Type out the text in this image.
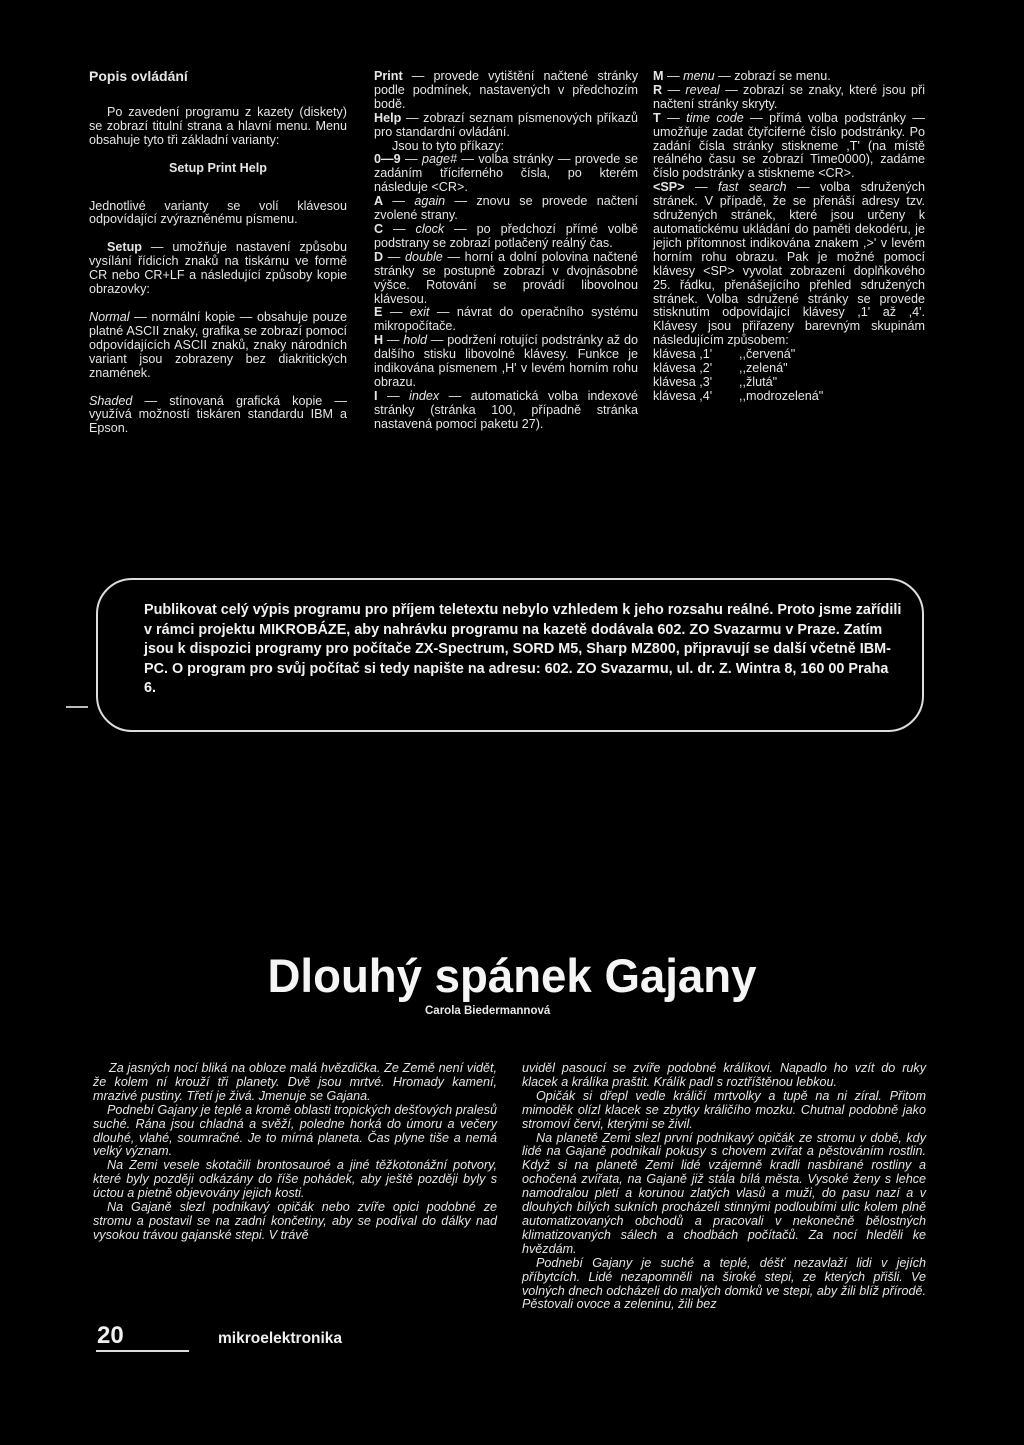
Popis ovládání

Po zavedení programu z kazety (diskety) se zobrazí titulní strana a hlavní menu. Menu obsahuje tyto tři základní varianty:

Setup Print Help

Jednotlivé varianty se volí klávesou odpovídající zvýrazněnému písmenu.

Setup — umožňuje nastavení způsobu vysílání řídicích znaků na tiskárnu ve formě CR nebo CR+LF a následující způsoby kopie obrazovky:

Normal — normální kopie — obsahuje pouze platné ASCII znaky, grafika se zobrazí pomocí odpovídajících ASCII znaků, znaky národních variant jsou zobrazeny bez diakritických znamének.

Shaded — stínovaná grafická kopie — využívá možností tiskáren standardu IBM a Epson.

Print — provede vytištění načtené stránky podle podmínek, nastavených v předchozím bodě.

Help — zobrazí seznam písmenových příkazů pro standardní ovládání.

Jsou to tyto příkazy:

0—9 — page# — volba stránky — provede se zadáním tříciferného čísla, po kterém následuje <CR>.

A — again — znovu se provede načtení zvolené strany.

C — clock — po předchozí přímé volbě podstrany se zobrazí potlačený reálný čas.

D — double — horní a dolní polovina načtené stránky se postupně zobrazí v dvojnásobné výšce. Rotování se provádí libovolnou klávesou.

E — exit — návrat do operačního systému mikropočítače.

H — hold — podržení rotující podstránky až do dalšího stisku libovolné klávesy. Funkce je indikována písmenem ,H' v levém horním rohu obrazu.

I — index — automatická volba indexové stránky (stránka 100, případně stránka nastavená pomocí paketu 27).

M — menu — zobrazí se menu.

R — reveal — zobrazí se znaky, které jsou při načtení stránky skryty.

T — time code — přímá volba podstránky — umožňuje zadat čtyřciferné číslo podstránky. Po zadání čísla stránky stiskneme ,T' (na místě reálného času se zobrazí Time0000), zadáme číslo podstránky a stiskneme <CR>.

<SP> — fast search — volba sdružených stránek. V případě, že se přenáší adresy tzv. sdružených stránek, které jsou určeny k automatickému ukládání do paměti dekodéru, je jejich přítomnost indikována znakem ,>' v levém horním rohu obrazu. Pak je možné pomocí klávesy <SP> vyvolat zobrazení doplňkového 25. řádku, přenášejícího přehled sdružených stránek. Volba sdružené stránky se provede stisknutím odpovídající klávesy ,1' až ,4'. Klávesy jsou přiřazeny barevným skupinám následujícím způsobem:

klávesa ,1' ,,červená"
klávesa ,2' ,,zelená"
klávesa ,3' ,,žlutá"
klávesa ,4' ,,modrozelená"
Publikovat celý výpis programu pro příjem teletextu nebylo vzhledem k jeho rozsahu reálné. Proto jsme zařídili v rámci projektu MIKROBÁZE, aby nahrávku programu na kazetě dodávala 602. ZO Svazarmu v Praze. Zatím jsou k dispozici programy pro počítače ZX-Spectrum, SORD M5, Sharp MZ800, připravují se další včetně IBM-PC. O program pro svůj počítač si tedy napište na adresu: 602. ZO Svazarmu, ul. dr. Z. Wintra 8, 160 00 Praha 6.
Dlouhý spánek Gajany
Carola Biedermannová

Za jasných nocí bliká na obloze malá hvězdička. Ze Země není vidět, že kolem ní krouží tři planety. Dvě jsou mrtvé. Hromady kamení, mrazivé pustiny. Třetí je živá. Jmenuje se Gajana.

Podnebí Gajany je teplé a kromě oblasti tropických dešťových pralesů suché. Rána jsou chladná a svěží, poledne horká do úmoru a večery dlouhé, vlahé, soumračné. Je to mírná planeta. Čas plyne tiše a nemá velký význam.

Na Zemi vesele skotačili brontosauroé a jiné těžkotonážní potvory, které byly později odkázány do říše pohádek, aby ještě později byly s úctou a pietně objevovány jejich kosti.

Na Gajaně slezl podnikavý opičák nebo zvíře opici podobné ze stromu a postavil se na zadní končetiny, aby se podíval do dálky nad vysokou trávou gajanské stepi. V trávě

uviděl pasoucí se zvíře podobné králíkovi. Napadlo ho vzít do ruky klacek a králíka praštit. Králík padl s roztříštěnou lebkou.

Opičák si dřepl vedle králičí mrtvolky a tupě na ni zíral. Přitom mimoděk olízl klacek se zbytky králičího mozku. Chutnal podobně jako stromoví červi, kterými se živil.

Na planetě Zemi slezl první podnikavý opičák ze stromu v době, kdy lidé na Gajaně podnikali pokusy s chovem zvířat a pěstováním rostlin. Když si na planetě Zemi lidé vzájemně kradli nasbírané rostliny a ochočená zvířata, na Gajaně již stála bílá města. Vysoké ženy s lehce namodralou pletí a korunou zlatých vlasů a muži, do pasu nazí a v dlouhých bílých sukních procházeli stinnými podloubími ulic kolem plně automatizovaných obchodů a pracovali v nekonečně bělostných klimatizovaných sálech a chodbách počítačů. Za nocí hleděli ke hvězdám.

Podnebí Gajany je suché a teplé, déšť nezavlaží lidi v jejích příbytcích. Lidé nezapomněli na široké stepi, ze kterých přišli. Ve volných dnech odcházeli do malých domků ve stepi, aby žili blíž přírodě. Pěstovali ovoce a zeleninu, žili bez

20	mikroelektronika
